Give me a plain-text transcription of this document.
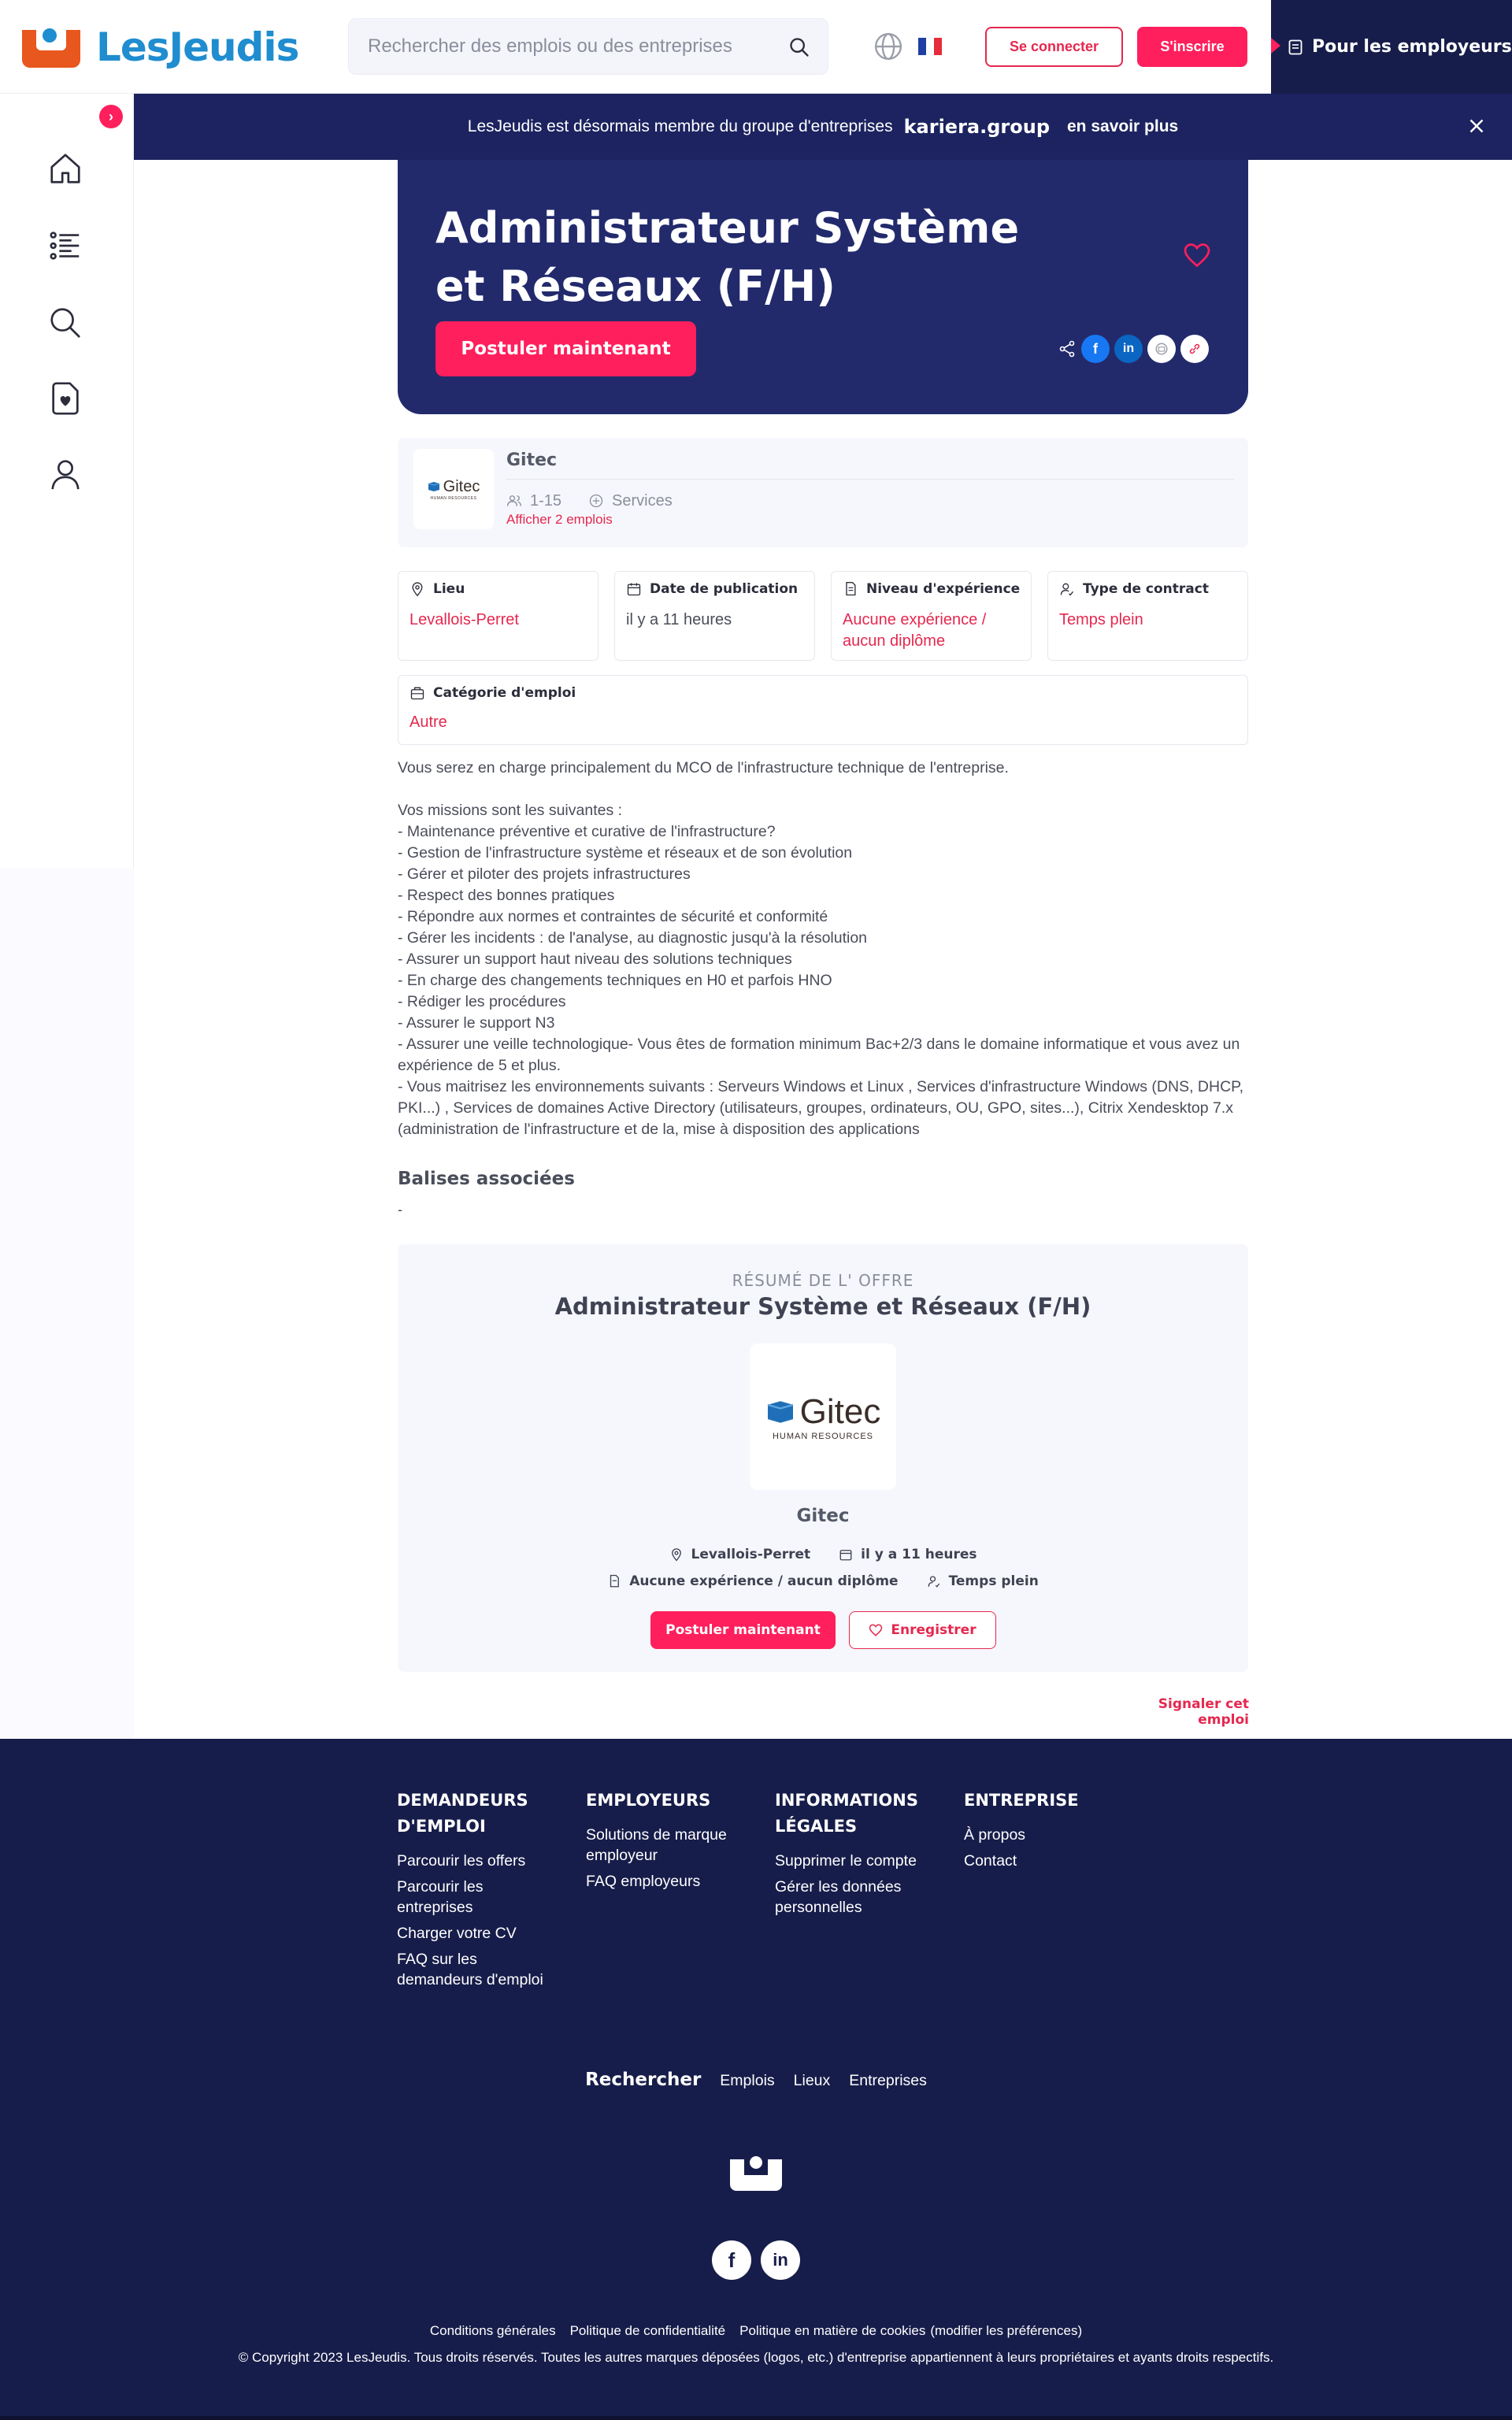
LesJeudis
Rechercher des emplois ou des entreprises	Se connecter	S'inscrire	Pour les employeurs
›
LesJeudis est désormais membre du groupe d'entreprises kariera.group en savoir plus
Administrateur Système et Réseaux (F/H)
Postuler maintenant	f	in
Gitec
HUMAN RESOURCES
Gitec
1-15	Services
Afficher 2 emplois
Lieu
Levallois-Perret
Date de publication
il y a 11 heures
Niveau d'expérience
Aucune expérience / aucun diplôme
Type de contract
Temps plein
Catégorie d'emploi
Autre

Vous serez en charge principalement du MCO de l'infrastructure technique de l'entreprise.

Vos missions sont les suivantes :

- Maintenance préventive et curative de l'infrastructure?

- Gestion de l'infrastructure système et réseaux et de son évolution

- Gérer et piloter des projets infrastructures

- Respect des bonnes pratiques

- Répondre aux normes et contraintes de sécurité et conformité

- Gérer les incidents : de l'analyse, au diagnostic jusqu'à la résolution

- Assurer un support haut niveau des solutions techniques

- En charge des changements techniques en H0 et parfois HNO

- Rédiger les procédures

- Assurer le support N3

- Assurer une veille technologique- Vous êtes de formation minimum Bac+2/3 dans le domaine informatique et vous avez un expérience de 5 et plus.

- Vous maitrisez les environnements suivants : Serveurs Windows et Linux , Services d'infrastructure Windows (DNS, DHCP, PKI...) , Services de domaines Active Directory (utilisateurs, groupes, ordinateurs, OU, GPO, sites...), Citrix Xendesktop 7.x (administration de l'infrastructure et de la, mise à disposition des applications

Balises associées
-
RÉSUMÉ DE L' OFFRE
Administrateur Système et Réseaux (F/H)
Gitec
HUMAN RESOURCES
Gitec
Levallois-Perret	il y a 11 heures
Aucune expérience / aucun diplôme	Temps plein
Postuler maintenant	Enregistrer
Signaler cet emploi
DEMANDEURS D'EMPLOI
Parcourir les offers
Parcourir les entreprises
Charger votre CV
FAQ sur les demandeurs d'emploi
EMPLOYEURS
Solutions de marque employeur
FAQ employeurs
INFORMATIONS LÉGALES
Supprimer le compte
Gérer les données personnelles
ENTREPRISE
À propos
Contact
Rechercher Emplois Lieux Entreprises
f	in
Conditions générales Politique de confidentialité Politique en matière de cookies (modifier les préférences)
© Copyright 2023 LesJeudis. Tous droits réservés. Toutes les autres marques déposées (logos, etc.) d'entreprise appartiennent à leurs propriétaires et ayants droits respectifs.
